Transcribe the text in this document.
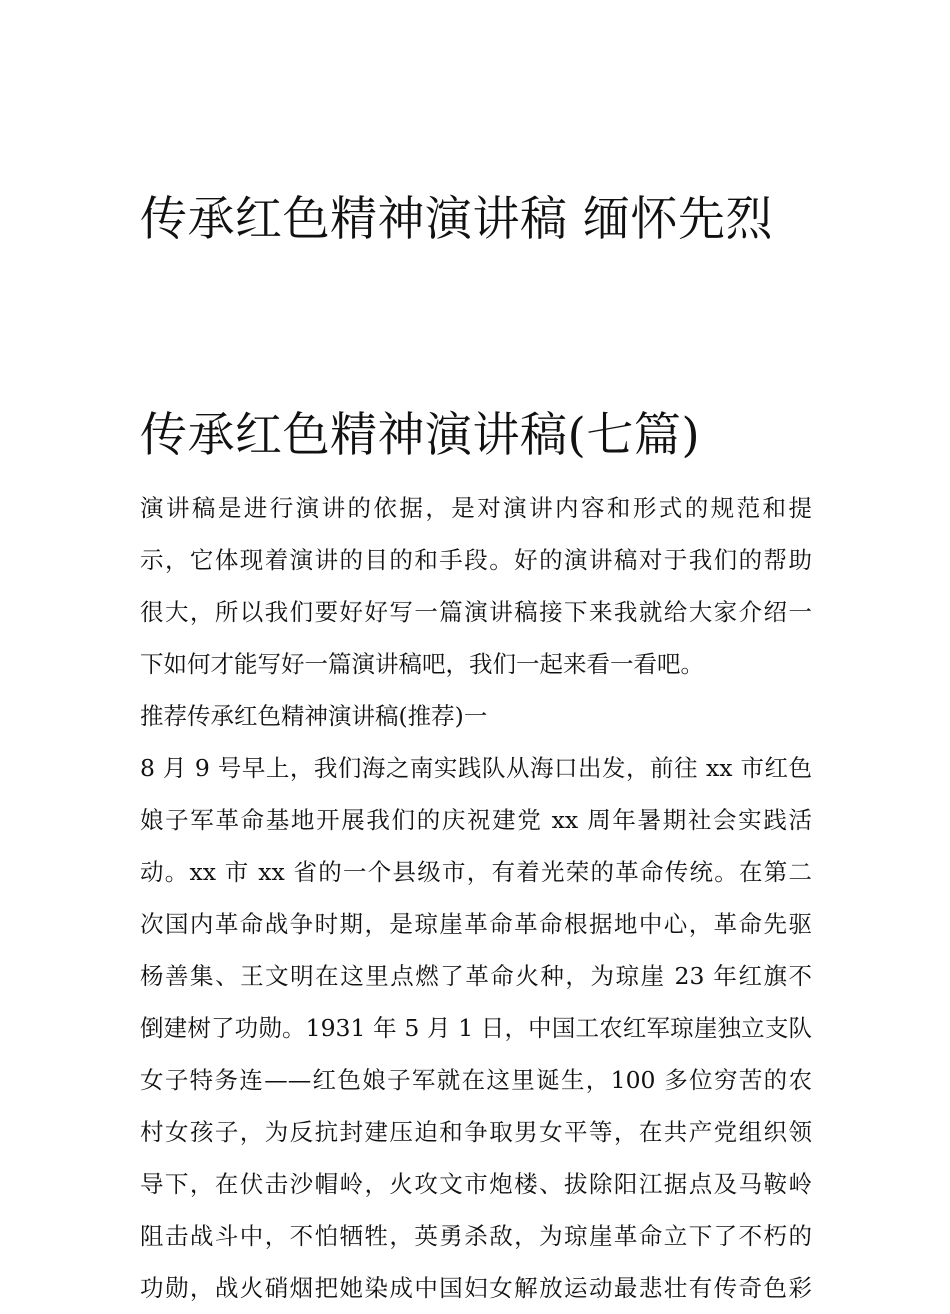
传承红色精神演讲稿 缅怀先烈

传承红色精神演讲稿(七篇)

演讲稿是进行演讲的依据，是对演讲内容和形式的规范和提
示，它体现着演讲的目的和手段。好的演讲稿对于我们的帮助
很大，所以我们要好好写一篇演讲稿接下来我就给大家介绍一
下如何才能写好一篇演讲稿吧，我们一起来看一看吧。
推荐传承红色精神演讲稿(推荐)一
8 月 9 号早上，我们海之南实践队从海口出发，前往 xx 市红色
娘子军革命基地开展我们的庆祝建党 xx 周年暑期社会实践活
动。xx 市 xx 省的一个县级市，有着光荣的革命传统。在第二
次国内革命战争时期，是琼崖革命革命根据地中心，革命先驱
杨善集、王文明在这里点燃了革命火种，为琼崖 23 年红旗不
倒建树了功勋。1931 年 5 月 1 日，中国工农红军琼崖独立支队
女子特务连——红色娘子军就在这里诞生，100 多位穷苦的农
村女孩子，为反抗封建压迫和争取男女平等，在共产党组织领
导下，在伏击沙帽岭，火攻文市炮楼、拔除阳江据点及马鞍岭
阻击战斗中，不怕牺牲，英勇杀敌，为琼崖革命立下了不朽的
功勋，战火硝烟把她染成中国妇女解放运动最悲壮有传奇色彩
